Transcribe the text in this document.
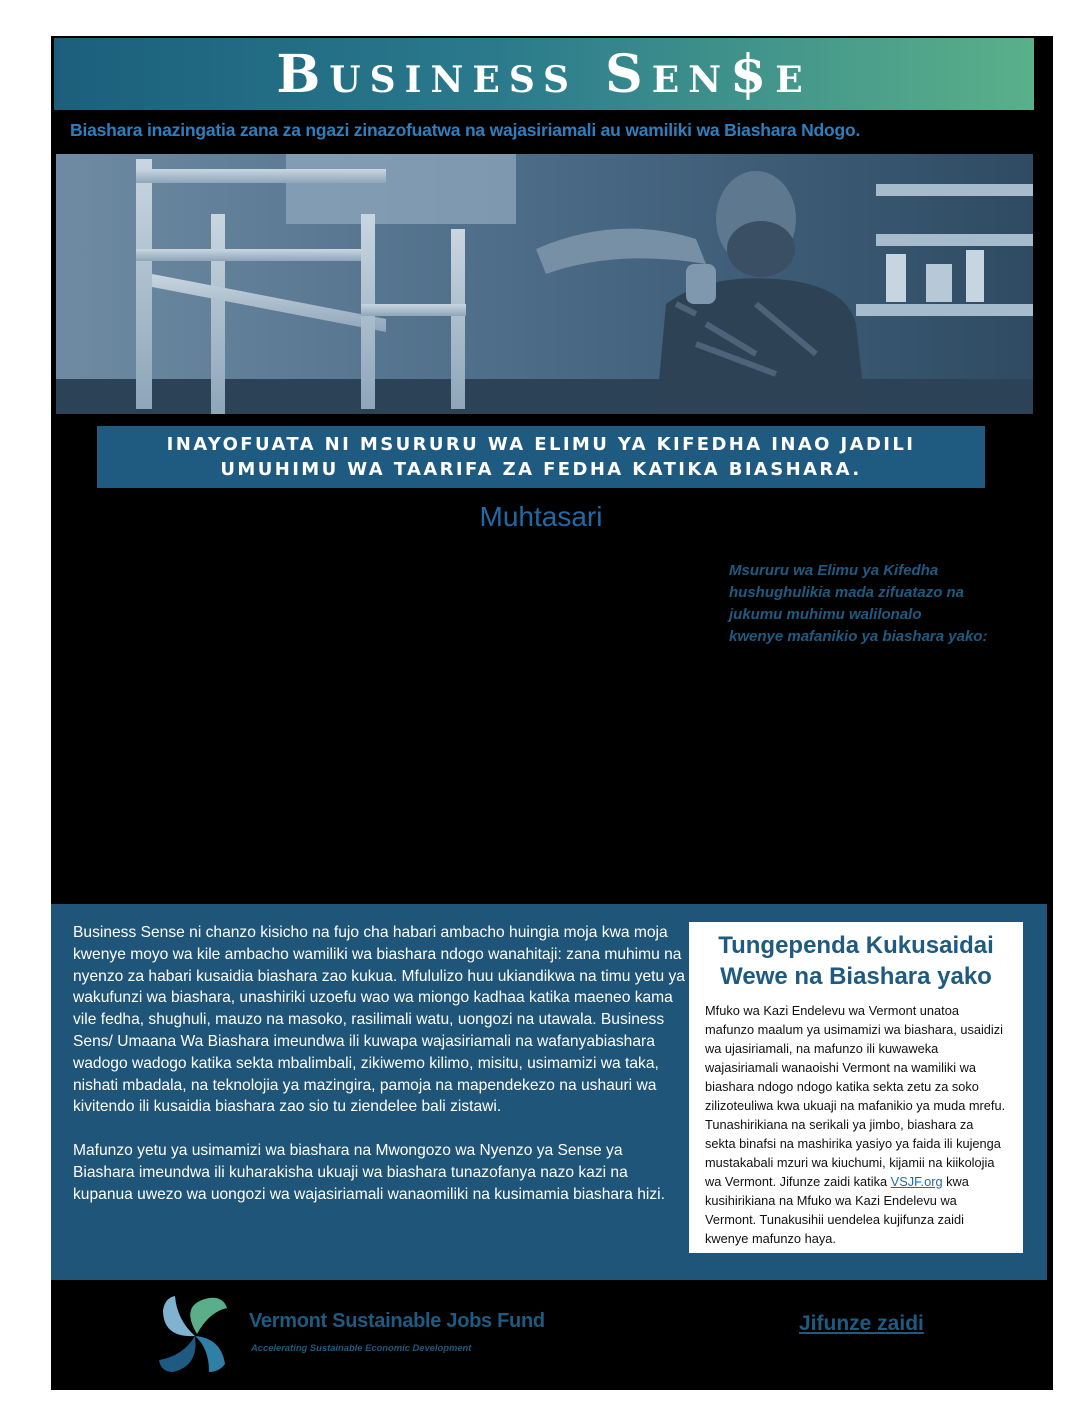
Business Sen$e
Biashara inazingatia zana za ngazi zinazofuatwa na wajasiriamali au wamiliki wa Biashara Ndogo.
INAYOFUATA NI MSURURU WA ELIMU YA KIFEDHA INAO JADILI
UMUHIMU WA TAARIFA ZA FEDHA KATIKA BIASHARA.
Muhtasari
Msururu wa Elimu ya Kifedha
hushughulikia mada zifuatazo na
jukumu muhimu walilonalo
kwenye mafanikio ya biashara yako:

Business Sense ni chanzo kisicho na fujo cha habari ambacho huingia moja kwa moja kwenye moyo wa kile ambacho wamiliki wa biashara ndogo wanahitaji: zana muhimu na nyenzo za habari kusaidia biashara zao kukua. Mfululizo huu ukiandikwa na timu yetu ya wakufunzi wa biashara, unashiriki uzoefu wao wa miongo kadhaa katika maeneo kama vile fedha, shughuli, mauzo na masoko, rasilimali watu, uongozi na utawala. Business Sens/ Umaana Wa Biashara imeundwa ili kuwapa wajasiriamali na wafanyabiashara wadogo wadogo katika sekta mbalimbali, zikiwemo kilimo, misitu, usimamizi wa taka, nishati mbadala, na teknolojia ya mazingira, pamoja na mapendekezo na ushauri wa kivitendo ili kusaidia biashara zao sio tu ziendelee bali zistawi.

Mafunzo yetu ya usimamizi wa biashara na Mwongozo wa Nyenzo ya Sense ya Biashara imeundwa ili kuharakisha ukuaji wa biashara tunazofanya nazo kazi na kupanua uwezo wa uongozi wa wajasiriamali wanaomiliki na kusimamia biashara hizi.

Tungependa Kukusaidai
Wewe na Biashara yako
Mfuko wa Kazi Endelevu wa Vermont unatoa mafunzo maalum ya usimamizi wa biashara, usaidizi wa ujasiriamali, na mafunzo ili kuwaweka wajasiriamali wanaoishi Vermont na wamiliki wa biashara ndogo ndogo katika sekta zetu za soko zilizoteuliwa kwa ukuaji na mafanikio ya muda mrefu. Tunashirikiana na serikali ya jimbo, biashara za sekta binafsi na mashirika yasiyo ya faida ili kujenga mustakabali mzuri wa kiuchumi, kijamii na kiikolojia wa Vermont. Jifunze zaidi katika VSJF.org kwa kusihirikiana na Mfuko wa Kazi Endelevu wa Vermont. Tunakusihii uendelea kujifunza zaidi kwenye mafunzo haya.
Vermont Sustainable Jobs Fund
Accelerating Sustainable Economic Development
Jifunze zaidi
